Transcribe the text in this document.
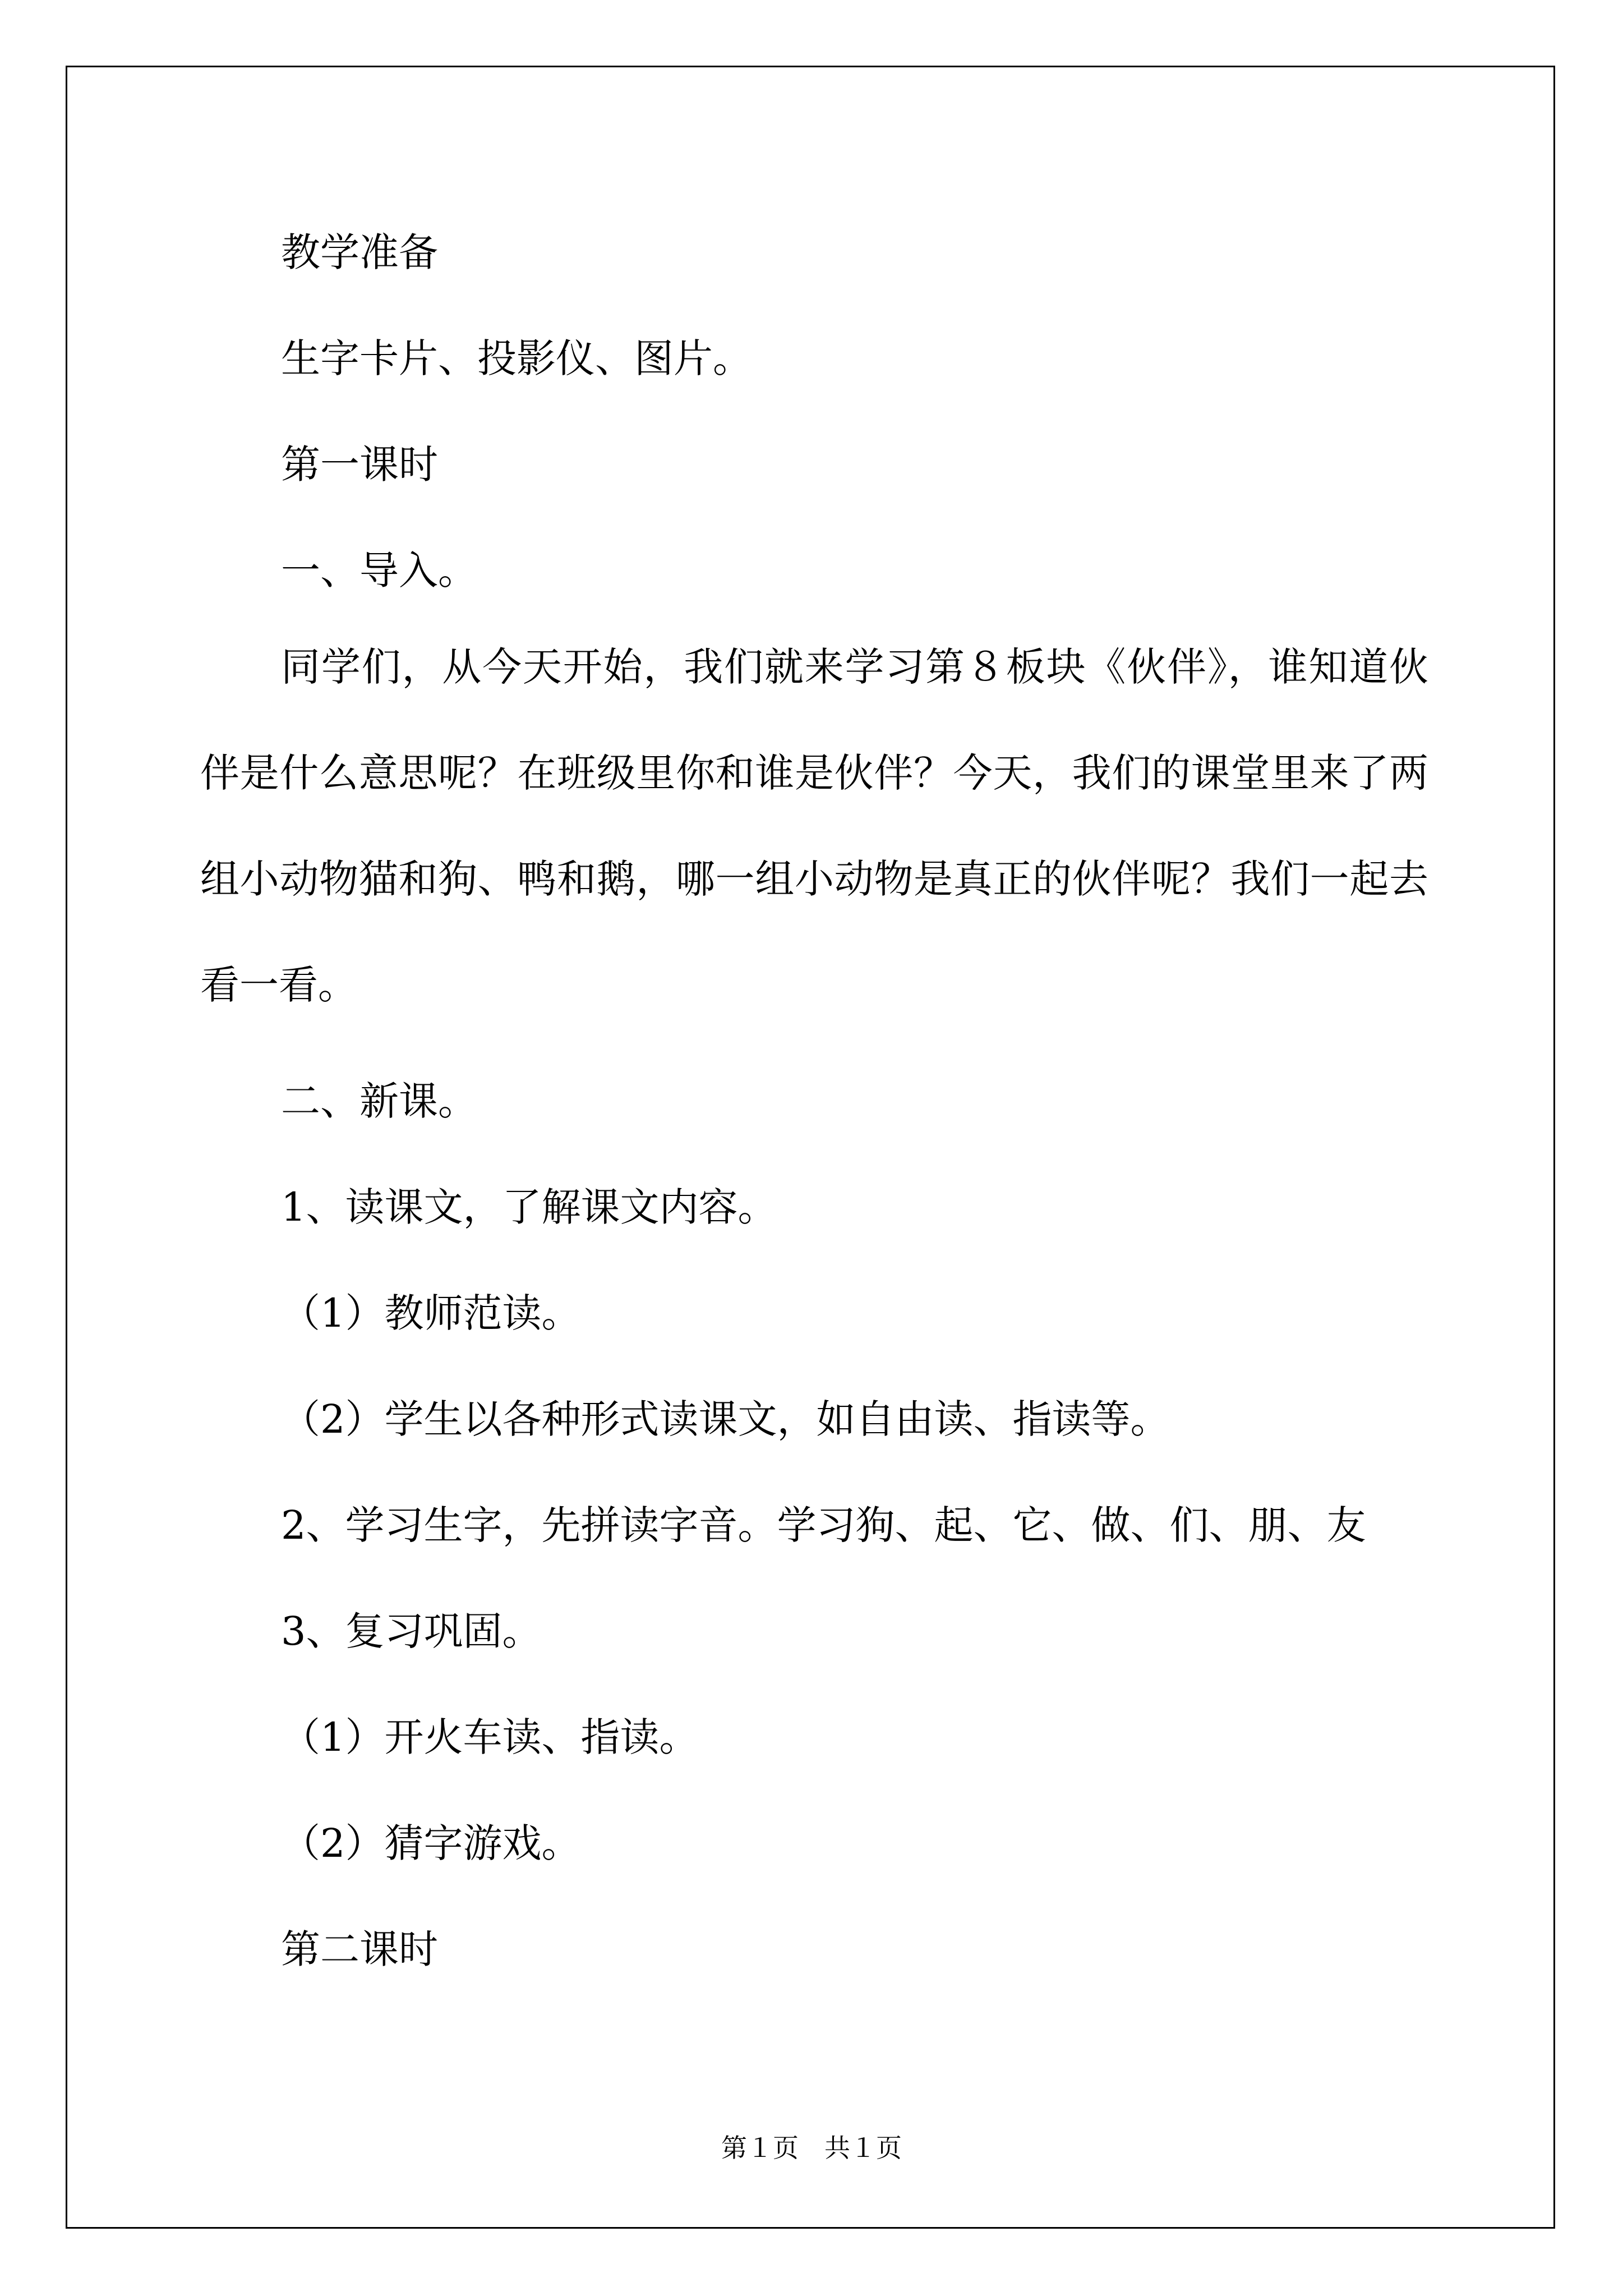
教学准备
生字卡片、投影仪、图片。
第一课时
一、导入。
同学们，从今天开始，我们就来学习第８板块《伙伴》，谁知道伙伴是什么意思呢？在班级里你和谁是伙伴？今天，我们的课堂里来了两组小动物猫和狗、鸭和鹅，哪一组小动物是真正的伙伴呢？我们一起去看一看。
二、新课。
1、读课文，了解课文内容。
（1）教师范读。
（2）学生以各种形式读课文，如自由读、指读等。
2、学习生字，先拼读字音。学习狗、起、它、做、们、朋、友
3、复习巩固。
（1）开火车读、指读。
（2）猜字游戏。
第二课时
第１页　共１页
